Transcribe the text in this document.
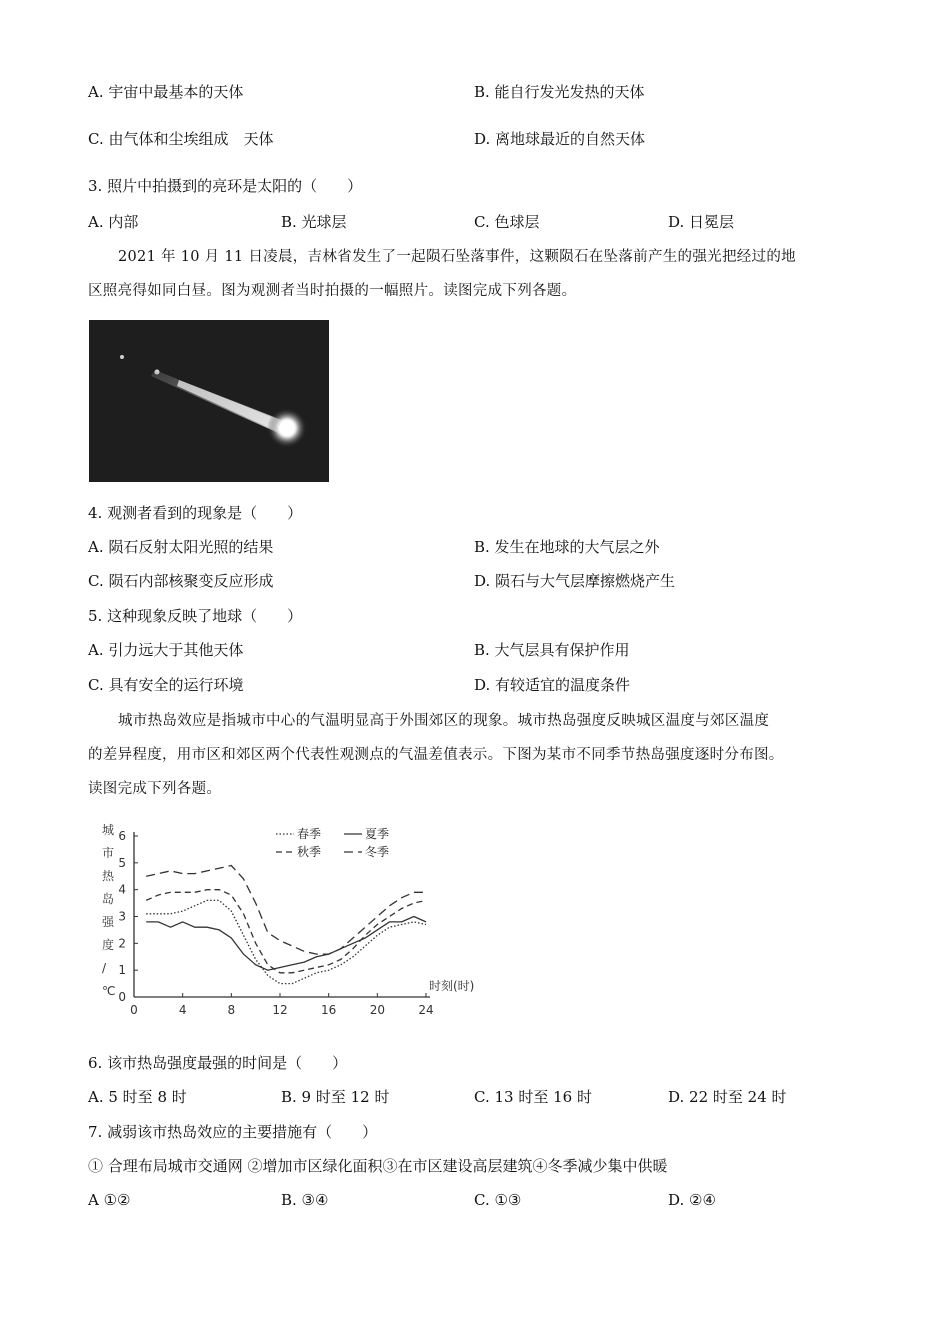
A. 宇宙中最基本的天体	B. 能自行发光发热的天体
C. 由气体和尘埃组成　天体	D. 离地球最近的自然天体
3. 照片中拍摄到的亮环是太阳的（　　）
A. 内部	B. 光球层	C. 色球层	D. 日冕层
2021 年 10 月 11 日凌晨，吉林省发生了一起陨石坠落事件，这颗陨石在坠落前产生的强光把经过的地
区照亮得如同白昼。图为观测者当时拍摄的一幅照片。读图完成下列各题。
4. 观测者看到的现象是（　　）
A. 陨石反射太阳光照的结果	B. 发生在地球的大气层之外
C. 陨石内部核聚变反应形成	D. 陨石与大气层摩擦燃烧产生
5. 这种现象反映了地球（　　）
A. 引力远大于其他天体	B. 大气层具有保护作用
C. 具有安全的运行环境	D. 有较适宜的温度条件
城市热岛效应是指城市中心的气温明显高于外围郊区的现象。城市热岛强度反映城区温度与郊区温度
的差异程度，用市区和郊区两个代表性观测点的气温差值表示。下图为某市不同季节热岛强度逐时分布图。
读图完成下列各题。
城
市
热
岛
强
度
/
℃
0	4	8	12	16	20	24
0
1
2
3
4
5
6	春季	夏季
秋季	冬季
时刻(时)
6. 该市热岛强度最强的时间是（　　）
A. 5 时至 8 时	B. 9 时至 12 时	C. 13 时至 16 时	D. 22 时至 24 时
7. 减弱该市热岛效应的主要措施有（　　）
① 合理布局城市交通网 ②增加市区绿化面积③在市区建设高层建筑④冬季减少集中供暖
A ①②	B. ③④	C. ①③	D. ②④
